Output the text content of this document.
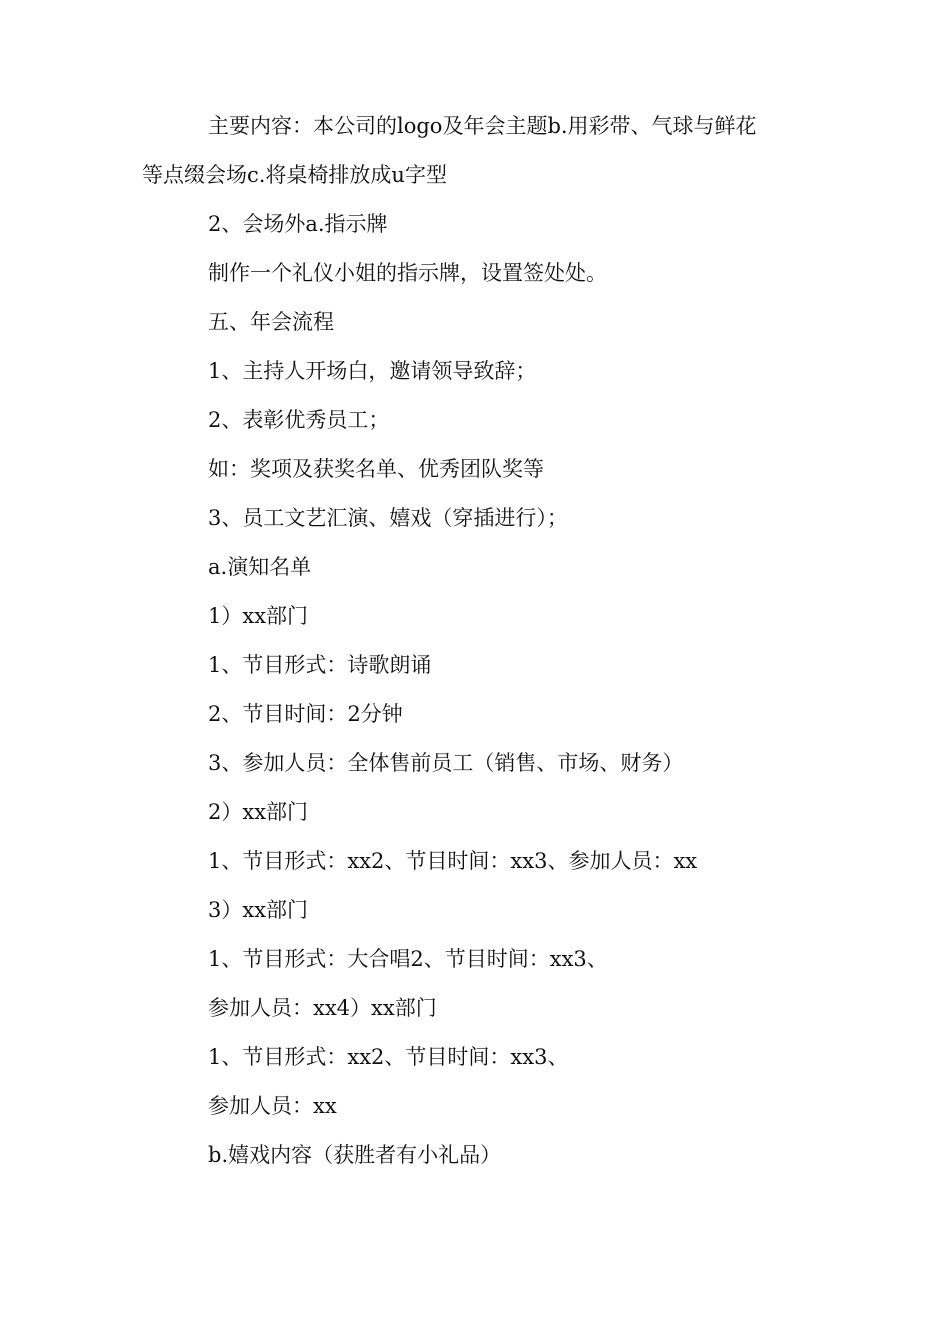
主要内容：本公司的logo及年会主题b.用彩带、气球与鲜花

等点缀会场c.将桌椅排放成u字型

2、会场外a.指示牌

制作一个礼仪小姐的指示牌，设置签处处。

五、年会流程

1、主持人开场白，邀请领导致辞；

2、表彰优秀员工；

如：奖项及获奖名单、优秀团队奖等

3、员工文艺汇演、嬉戏（穿插进行）；

a.演知名单

1）xx部门

1、节目形式：诗歌朗诵

2、节目时间：2分钟

3、参加人员：全体售前员工（销售、市场、财务）

2）xx部门

1、节目形式：xx2、节目时间：xx3、参加人员：xx

3）xx部门

1、节目形式：大合唱2、节目时间：xx3、

参加人员：xx4）xx部门

1、节目形式：xx2、节目时间：xx3、

参加人员：xx

b.嬉戏内容（获胜者有小礼品）
